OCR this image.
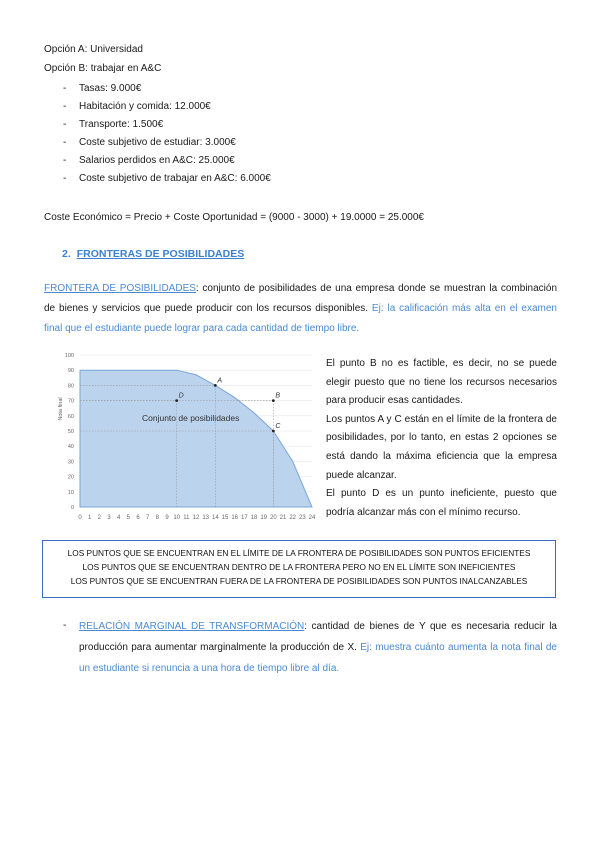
Opción A: Universidad
Opción B: trabajar en A&C
- Tasas: 9.000€
- Habitación y comida: 12.000€
- Transporte: 1.500€
- Coste subjetivo de estudiar: 3.000€
- Salarios perdidos en A&C: 25.000€
- Coste subjetivo de trabajar en A&C: 6.000€
Coste Económico = Precio + Coste Oportunidad = (9000 - 3000) + 19.0000 = 25.000€
2. FRONTERAS DE POSIBILIDADES
FRONTERA DE POSIBILIDADES: conjunto de posibilidades de una empresa donde se muestran la combinación de bienes y servicios que puede producir con los recursos disponibles. Ej: la calificación más alta en el examen final que el estudiante puede lograr para cada cantidad de tiempo libre.
A
B
C
D
0
10
20
30
40
50
60
70
80
90
100
0 1 2 3 4 5 6 7 8 9 10 11 12 13 14 15 16 17 18 19 20 21 22 23 24
Conjunto de posibilidades
Nota final
El punto B no es factible, es decir, no se puede elegir puesto que no tiene los recursos necesarios para producir esas cantidades.
Los puntos A y C están en el límite de la frontera de posibilidades, por lo tanto, en estas 2 opciones se está dando la máxima eficiencia que la empresa puede alcanzar.
El punto D es un punto ineficiente, puesto que podría alcanzar más con el mínimo recurso.
LOS PUNTOS QUE SE ENCUENTRAN EN EL LÍMITE DE LA FRONTERA DE POSIBILIDADES SON PUNTOS EFICIENTES
LOS PUNTOS QUE SE ENCUENTRAN DENTRO DE LA FRONTERA PERO NO EN EL LÍMITE SON INEFICIENTES
LOS PUNTOS QUE SE ENCUENTRAN FUERA DE LA FRONTERA DE POSIBILIDADES SON PUNTOS INALCANZABLES
- RELACIÓN MARGINAL DE TRANSFORMACIÓN: cantidad de bienes de Y que es necesaria reducir la producción para aumentar marginalmente la producción de X. Ej: muestra cuánto aumenta la nota final de un estudiante si renuncia a una hora de tiempo libre al día.
